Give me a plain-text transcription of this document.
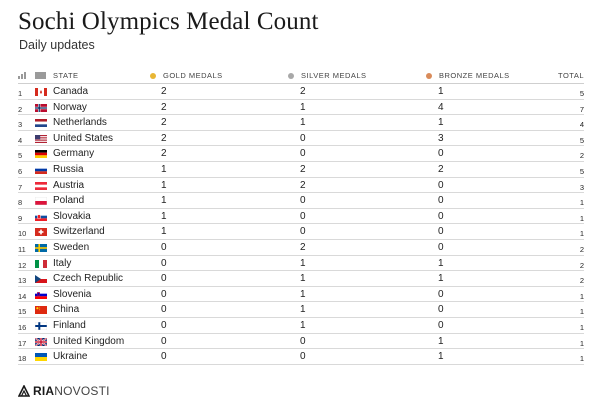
Sochi Olympics Medal Count
Daily updates
STATE	GOLD MEDALS	SILVER MEDALS	BRONZE MEDALS	TOTAL
1	Canada	2	2	1	5
2	Norway	2	1	4	7
3	Netherlands	2	1	1	4
4	United States	2	0	3	5
5	Germany	2	0	0	2
6	Russia	1	2	2	5
7	Austria	1	2	0	3
8	Poland	1	0	0	1
9	Slovakia	1	0	0	1
10	Switzerland	1	0	0	1
11	Sweden	0	2	0	2
12	Italy	0	1	1	2
13	Czech Republic	0	1	1	2
14	Slovenia	0	1	0	1
15	China	0	1	0	1
16	Finland	0	1	0	1
17	United Kingdom	0	0	1	1
18	Ukraine	0	0	1	1
RIANOVOSTI
